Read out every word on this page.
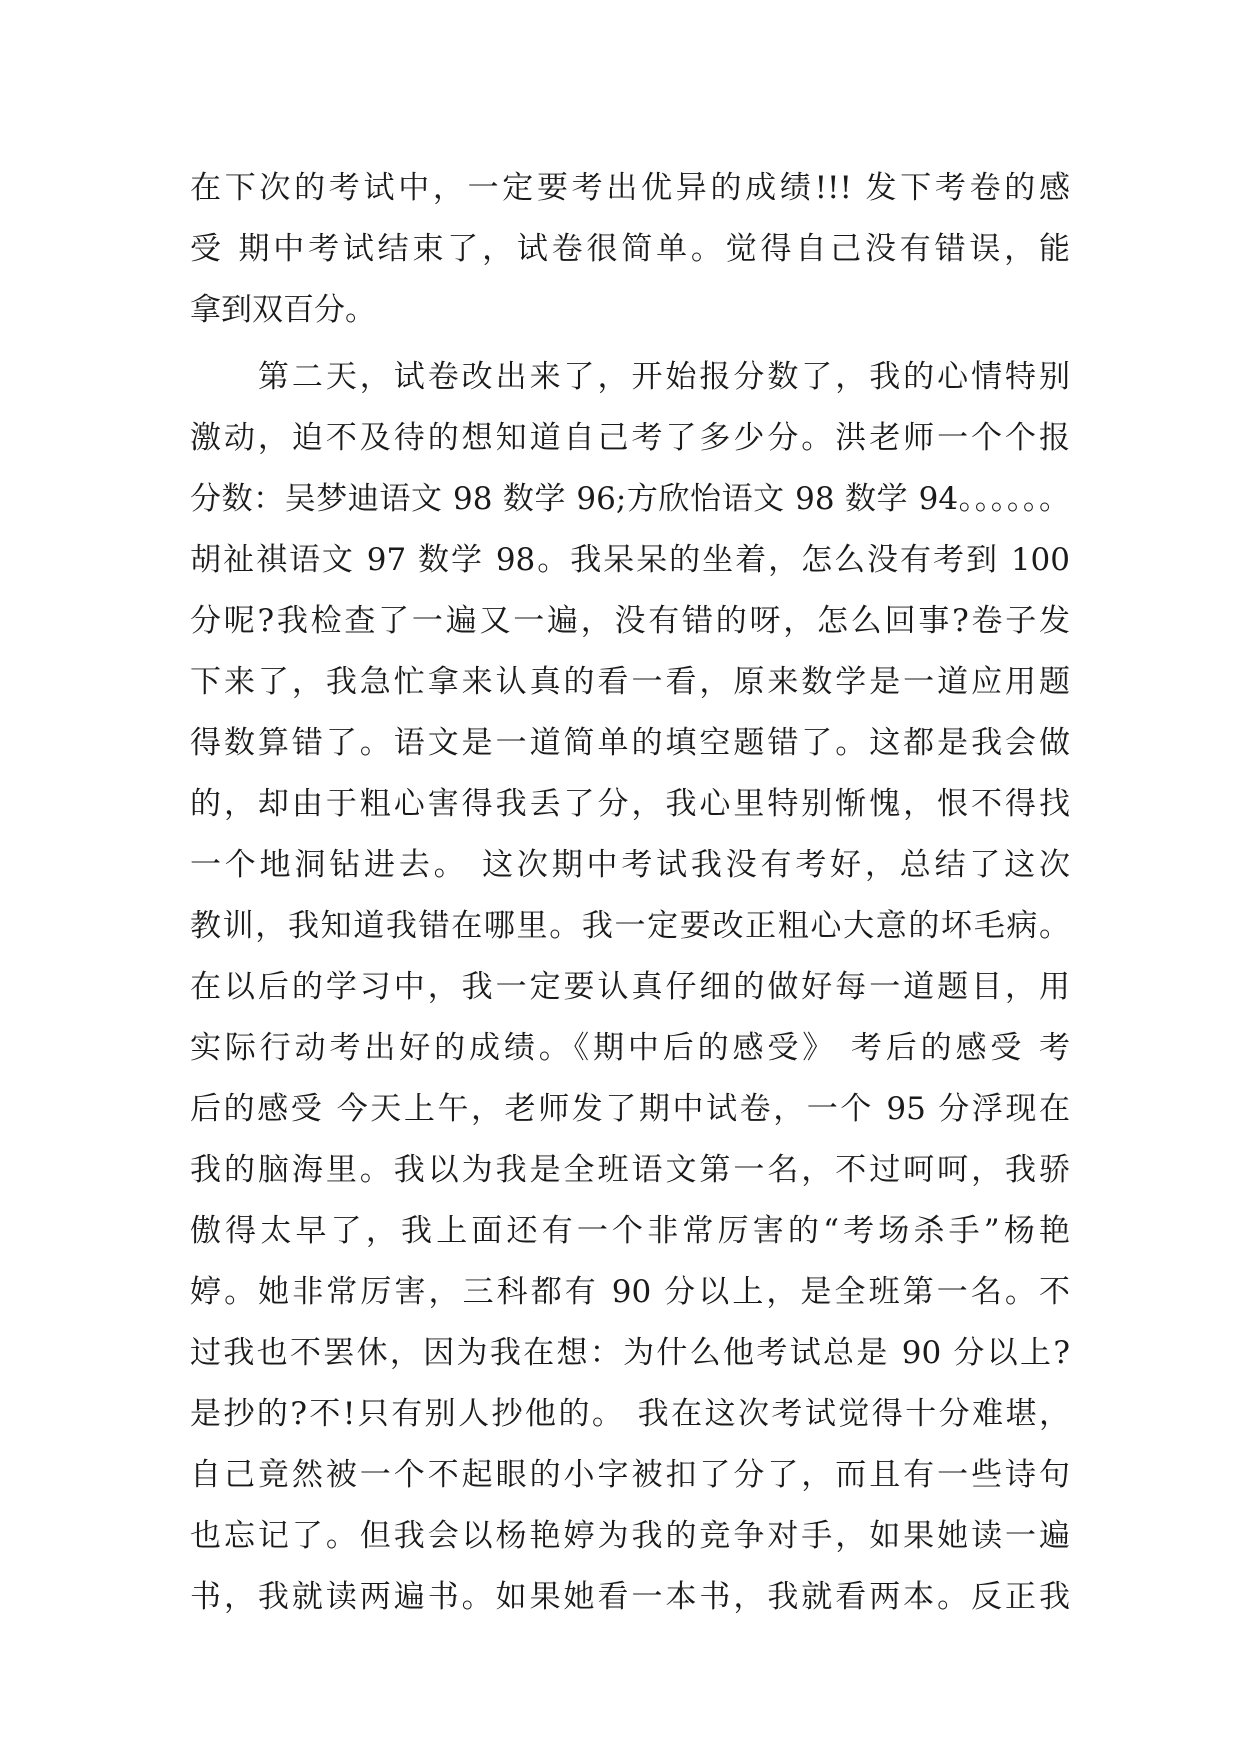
在下次的考试中，一定要考出优异的成绩!!! 发下考卷的感
受 期中考试结束了，试卷很简单。觉得自己没有错误，能
拿到双百分。
　　第二天，试卷改出来了，开始报分数了，我的心情特别
激动，迫不及待的想知道自己考了多少分。洪老师一个个报
分数：吴梦迪语文 98 数学 96;方欣怡语文 98 数学 94。。。。。。
胡祉祺语文 97 数学 98。我呆呆的坐着，怎么没有考到 100
分呢?我检查了一遍又一遍，没有错的呀，怎么回事?卷子发
下来了，我急忙拿来认真的看一看，原来数学是一道应用题
得数算错了。语文是一道简单的填空题错了。这都是我会做
的，却由于粗心害得我丢了分，我心里特别惭愧，恨不得找
一个地洞钻进去。 这次期中考试我没有考好，总结了这次
教训，我知道我错在哪里。我一定要改正粗心大意的坏毛病。
在以后的学习中，我一定要认真仔细的做好每一道题目，用
实际行动考出好的成绩。《期中后的感受》 考后的感受 考
后的感受 今天上午，老师发了期中试卷，一个 95 分浮现在
我的脑海里。我以为我是全班语文第一名，不过呵呵，我骄
傲得太早了，我上面还有一个非常厉害的“考场杀手”杨艳
婷。她非常厉害，三科都有 90 分以上，是全班第一名。不
过我也不罢休，因为我在想：为什么他考试总是 90 分以上?
是抄的?不!只有别人抄他的。 我在这次考试觉得十分难堪，
自己竟然被一个不起眼的小字被扣了分了，而且有一些诗句
也忘记了。但我会以杨艳婷为我的竞争对手，如果她读一遍
书，我就读两遍书。如果她看一本书，我就看两本。反正我
